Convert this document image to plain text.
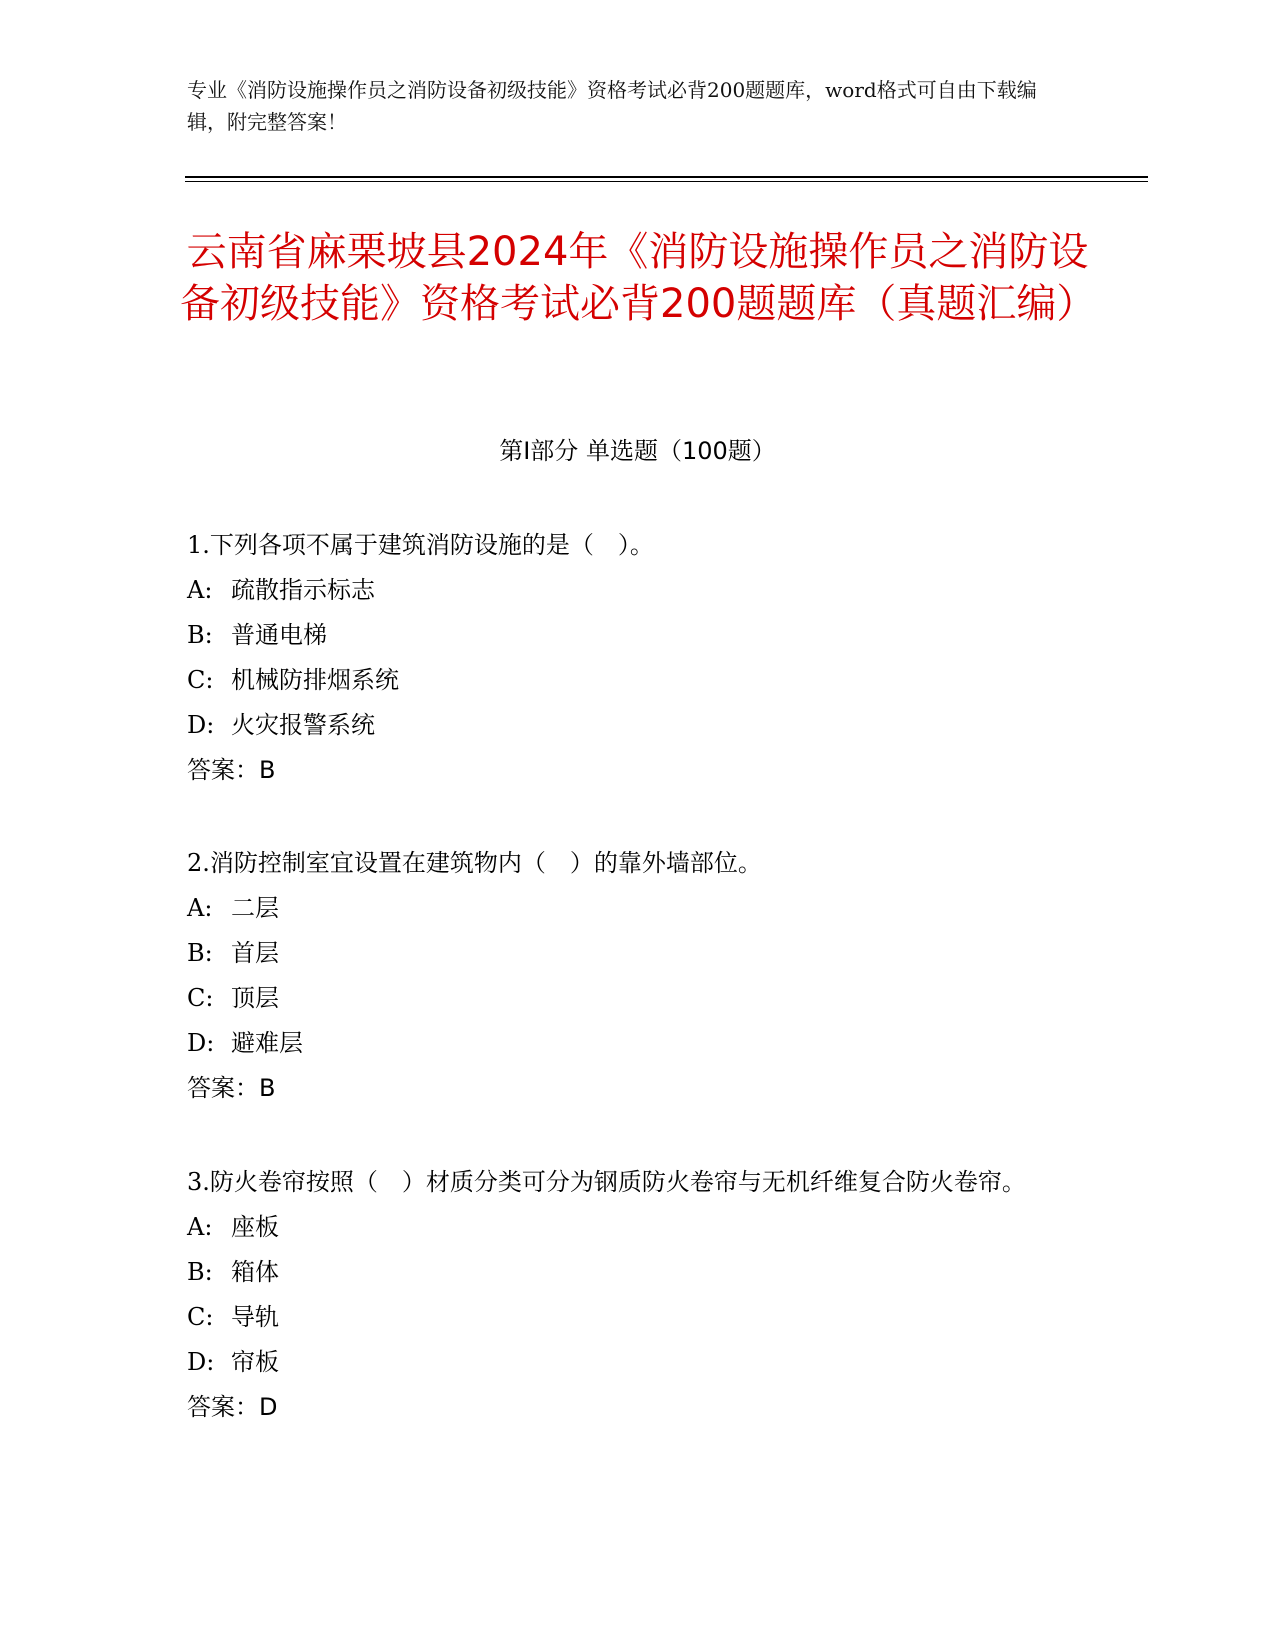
专业《消防设施操作员之消防设备初级技能》资格考试必背200题题库，word格式可自由下载编辑，附完整答案！
云南省麻栗坡县2024年《消防设施操作员之消防设备初级技能》资格考试必背200题题库（真题汇编）
第I部分 单选题（100题）

1.下列各项不属于建筑消防设施的是（　）。

A: 疏散指示标志

B: 普通电梯

C: 机械防排烟系统

D: 火灾报警系统

答案：B

2.消防控制室宜设置在建筑物内（　）的靠外墙部位。

A: 二层

B: 首层

C: 顶层

D: 避难层

答案：B

3.防火卷帘按照（　）材质分类可分为钢质防火卷帘与无机纤维复合防火卷帘。

A: 座板

B: 箱体

C: 导轨

D: 帘板

答案：D
